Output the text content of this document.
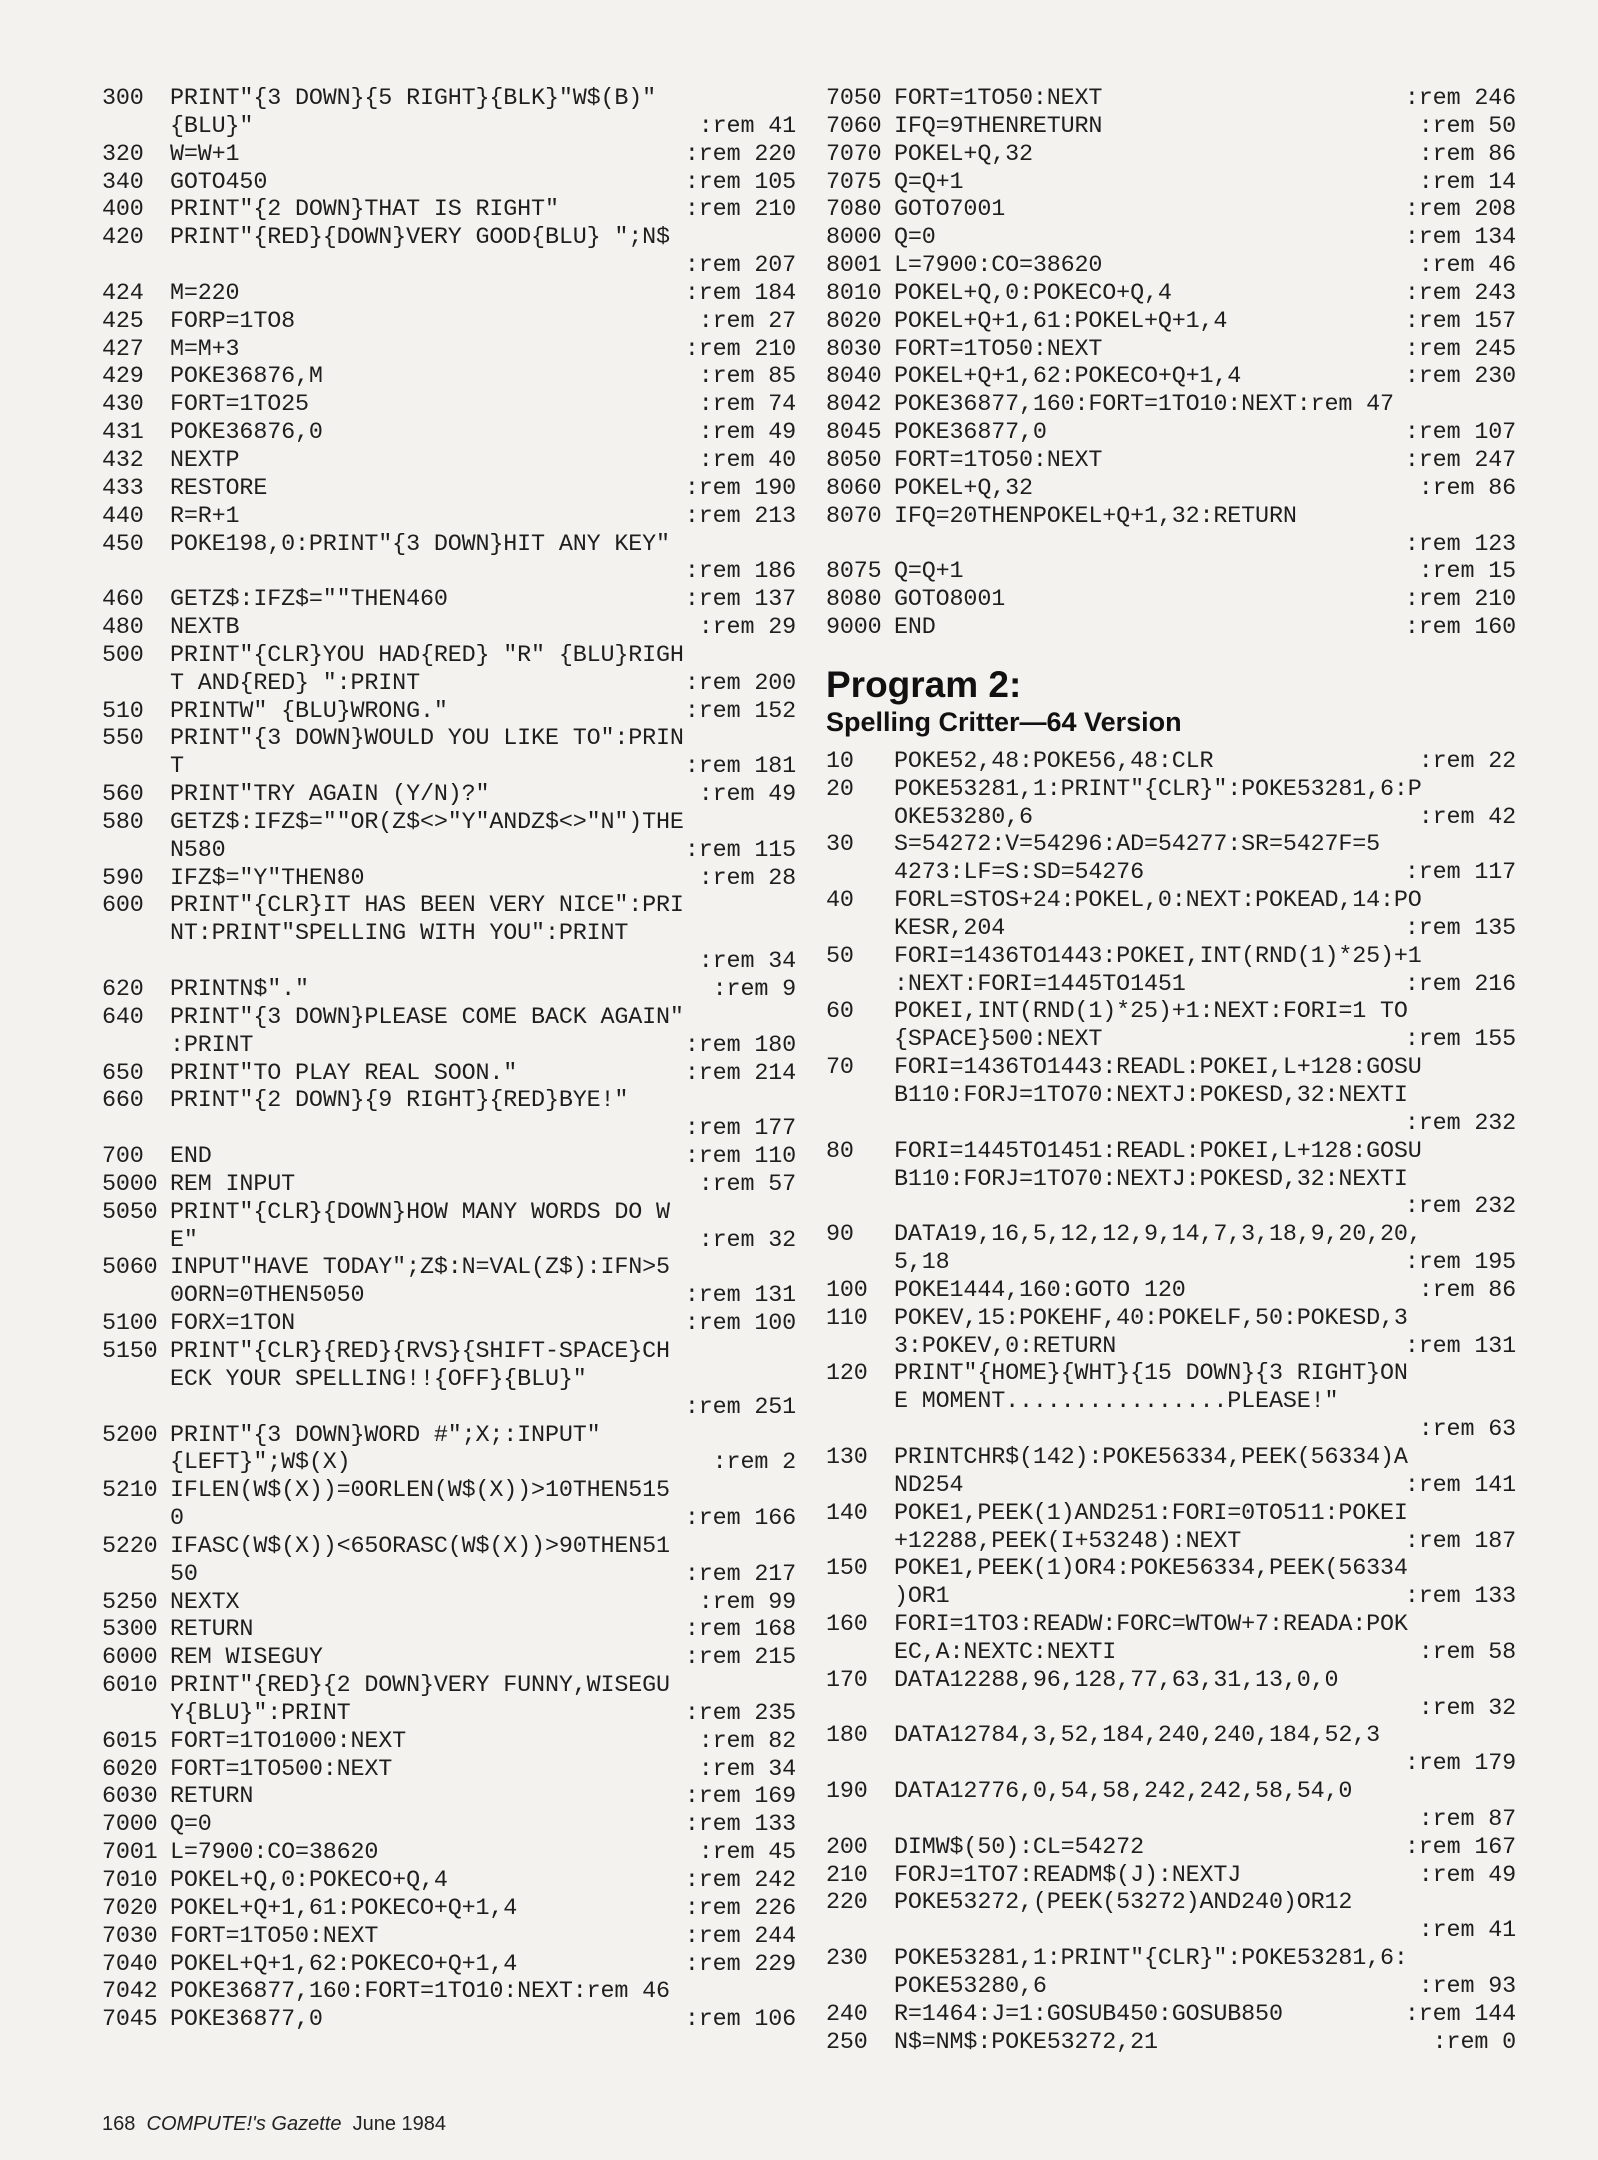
300 PRINT"{3 DOWN}{5 RIGHT}{BLK}"W$(B)"
{BLU}"	:rem 41
320 W=W+1	:rem 220
340 GOTO450	:rem 105
400 PRINT"{2 DOWN}THAT IS RIGHT"	:rem 210
420 PRINT"{RED}{DOWN}VERY GOOD{BLU} ";N$
:rem 207
424 M=220	:rem 184
425 FORP=1TO8	:rem 27
427 M=M+3	:rem 210
429 POKE36876,M	:rem 85
430 FORT=1TO25	:rem 74
431 POKE36876,0	:rem 49
432 NEXTP	:rem 40
433 RESTORE	:rem 190
440 R=R+1	:rem 213
450 POKE198,0:PRINT"{3 DOWN}HIT ANY KEY"
:rem 186
460 GETZ$:IFZ$=""THEN460	:rem 137
480 NEXTB	:rem 29
500 PRINT"{CLR}YOU HAD{RED} "R" {BLU}RIGH
T AND{RED} ":PRINT	:rem 200
510 PRINTW" {BLU}WRONG."	:rem 152
550 PRINT"{3 DOWN}WOULD YOU LIKE TO":PRIN
T	:rem 181
560 PRINT"TRY AGAIN (Y/N)?"	:rem 49
580 GETZ$:IFZ$=""OR(Z$<>"Y"ANDZ$<>"N")THE
N580	:rem 115
590 IFZ$="Y"THEN80	:rem 28
600 PRINT"{CLR}IT HAS BEEN VERY NICE":PRI
NT:PRINT"SPELLING WITH YOU":PRINT
:rem 34
620 PRINTN$"."	:rem 9
640 PRINT"{3 DOWN}PLEASE COME BACK AGAIN"
:PRINT	:rem 180
650 PRINT"TO PLAY REAL SOON."	:rem 214
660 PRINT"{2 DOWN}{9 RIGHT}{RED}BYE!"
:rem 177
700 END	:rem 110
5000 REM INPUT	:rem 57
5050 PRINT"{CLR}{DOWN}HOW MANY WORDS DO W
E"	:rem 32
5060 INPUT"HAVE TODAY";Z$:N=VAL(Z$):IFN>5
0ORN=0THEN5050	:rem 131
5100 FORX=1TON	:rem 100
5150 PRINT"{CLR}{RED}{RVS}{SHIFT-SPACE}CH
ECK YOUR SPELLING!!{OFF}{BLU}"
:rem 251
5200 PRINT"{3 DOWN}WORD #";X;:INPUT"
{LEFT}";W$(X)	:rem 2
5210 IFLEN(W$(X))=0ORLEN(W$(X))>10THEN515
0	:rem 166
5220 IFASC(W$(X))<65ORASC(W$(X))>90THEN51
50	:rem 217
5250 NEXTX	:rem 99
5300 RETURN	:rem 168
6000 REM WISEGUY	:rem 215
6010 PRINT"{RED}{2 DOWN}VERY FUNNY,WISEGU
Y{BLU}":PRINT	:rem 235
6015 FORT=1TO1000:NEXT	:rem 82
6020 FORT=1TO500:NEXT	:rem 34
6030 RETURN	:rem 169
7000 Q=0	:rem 133
7001 L=7900:CO=38620	:rem 45
7010 POKEL+Q,0:POKECO+Q,4	:rem 242
7020 POKEL+Q+1,61:POKECO+Q+1,4	:rem 226
7030 FORT=1TO50:NEXT	:rem 244
7040 POKEL+Q+1,62:POKECO+Q+1,4	:rem 229
7042 POKE36877,160:FORT=1TO10:NEXT:rem 46
7045 POKE36877,0	:rem 106
7050 FORT=1TO50:NEXT	:rem 246
7060 IFQ=9THENRETURN	:rem 50
7070 POKEL+Q,32	:rem 86
7075 Q=Q+1	:rem 14
7080 GOTO7001	:rem 208
8000 Q=0	:rem 134
8001 L=7900:CO=38620	:rem 46
8010 POKEL+Q,0:POKECO+Q,4	:rem 243
8020 POKEL+Q+1,61:POKEL+Q+1,4	:rem 157
8030 FORT=1TO50:NEXT	:rem 245
8040 POKEL+Q+1,62:POKECO+Q+1,4	:rem 230
8042 POKE36877,160:FORT=1TO10:NEXT:rem 47
8045 POKE36877,0	:rem 107
8050 FORT=1TO50:NEXT	:rem 247
8060 POKEL+Q,32	:rem 86
8070 IFQ=20THENPOKEL+Q+1,32:RETURN
:rem 123
8075 Q=Q+1	:rem 15
8080 GOTO8001	:rem 210
9000 END	:rem 160
Program 2:
Spelling Critter—64 Version
10 POKE52,48:POKE56,48:CLR	:rem 22
20 POKE53281,1:PRINT"{CLR}":POKE53281,6:P
OKE53280,6	:rem 42
30 S=54272:V=54296:AD=54277:SR=5427F=5
4273:LF=S:SD=54276	:rem 117
40 FORL=STOS+24:POKEL,0:NEXT:POKEAD,14:PO
KESR,204	:rem 135
50 FORI=1436TO1443:POKEI,INT(RND(1)*25)+1
:NEXT:FORI=1445TO1451	:rem 216
60 POKEI,INT(RND(1)*25)+1:NEXT:FORI=1 TO
{SPACE}500:NEXT	:rem 155
70 FORI=1436TO1443:READL:POKEI,L+128:GOSU
B110:FORJ=1TO70:NEXTJ:POKESD,32:NEXTI
:rem 232
80 FORI=1445TO1451:READL:POKEI,L+128:GOSU
B110:FORJ=1TO70:NEXTJ:POKESD,32:NEXTI
:rem 232
90 DATA19,16,5,12,12,9,14,7,3,18,9,20,20,
5,18	:rem 195
100 POKE1444,160:GOTO 120	:rem 86
110 POKEV,15:POKEHF,40:POKELF,50:POKESD,3
3:POKEV,0:RETURN	:rem 131
120 PRINT"{HOME}{WHT}{15 DOWN}{3 RIGHT}ON
E MOMENT................PLEASE!"
:rem 63
130 PRINTCHR$(142):POKE56334,PEEK(56334)A
ND254	:rem 141
140 POKE1,PEEK(1)AND251:FORI=0TO511:POKEI
+12288,PEEK(I+53248):NEXT	:rem 187
150 POKE1,PEEK(1)OR4:POKE56334,PEEK(56334
)OR1	:rem 133
160 FORI=1TO3:READW:FORC=WTOW+7:READA:POK
EC,A:NEXTC:NEXTI	:rem 58
170 DATA12288,96,128,77,63,31,13,0,0
:rem 32
180 DATA12784,3,52,184,240,240,184,52,3
:rem 179
190 DATA12776,0,54,58,242,242,58,54,0
:rem 87
200 DIMW$(50):CL=54272	:rem 167
210 FORJ=1TO7:READM$(J):NEXTJ	:rem 49
220 POKE53272,(PEEK(53272)AND240)OR12
:rem 41
230 POKE53281,1:PRINT"{CLR}":POKE53281,6:
POKE53280,6	:rem 93
240 R=1464:J=1:GOSUB450:GOSUB850	:rem 144
250 N$=NM$:POKE53272,21	:rem 0
168 COMPUTE!'s Gazette June 1984
